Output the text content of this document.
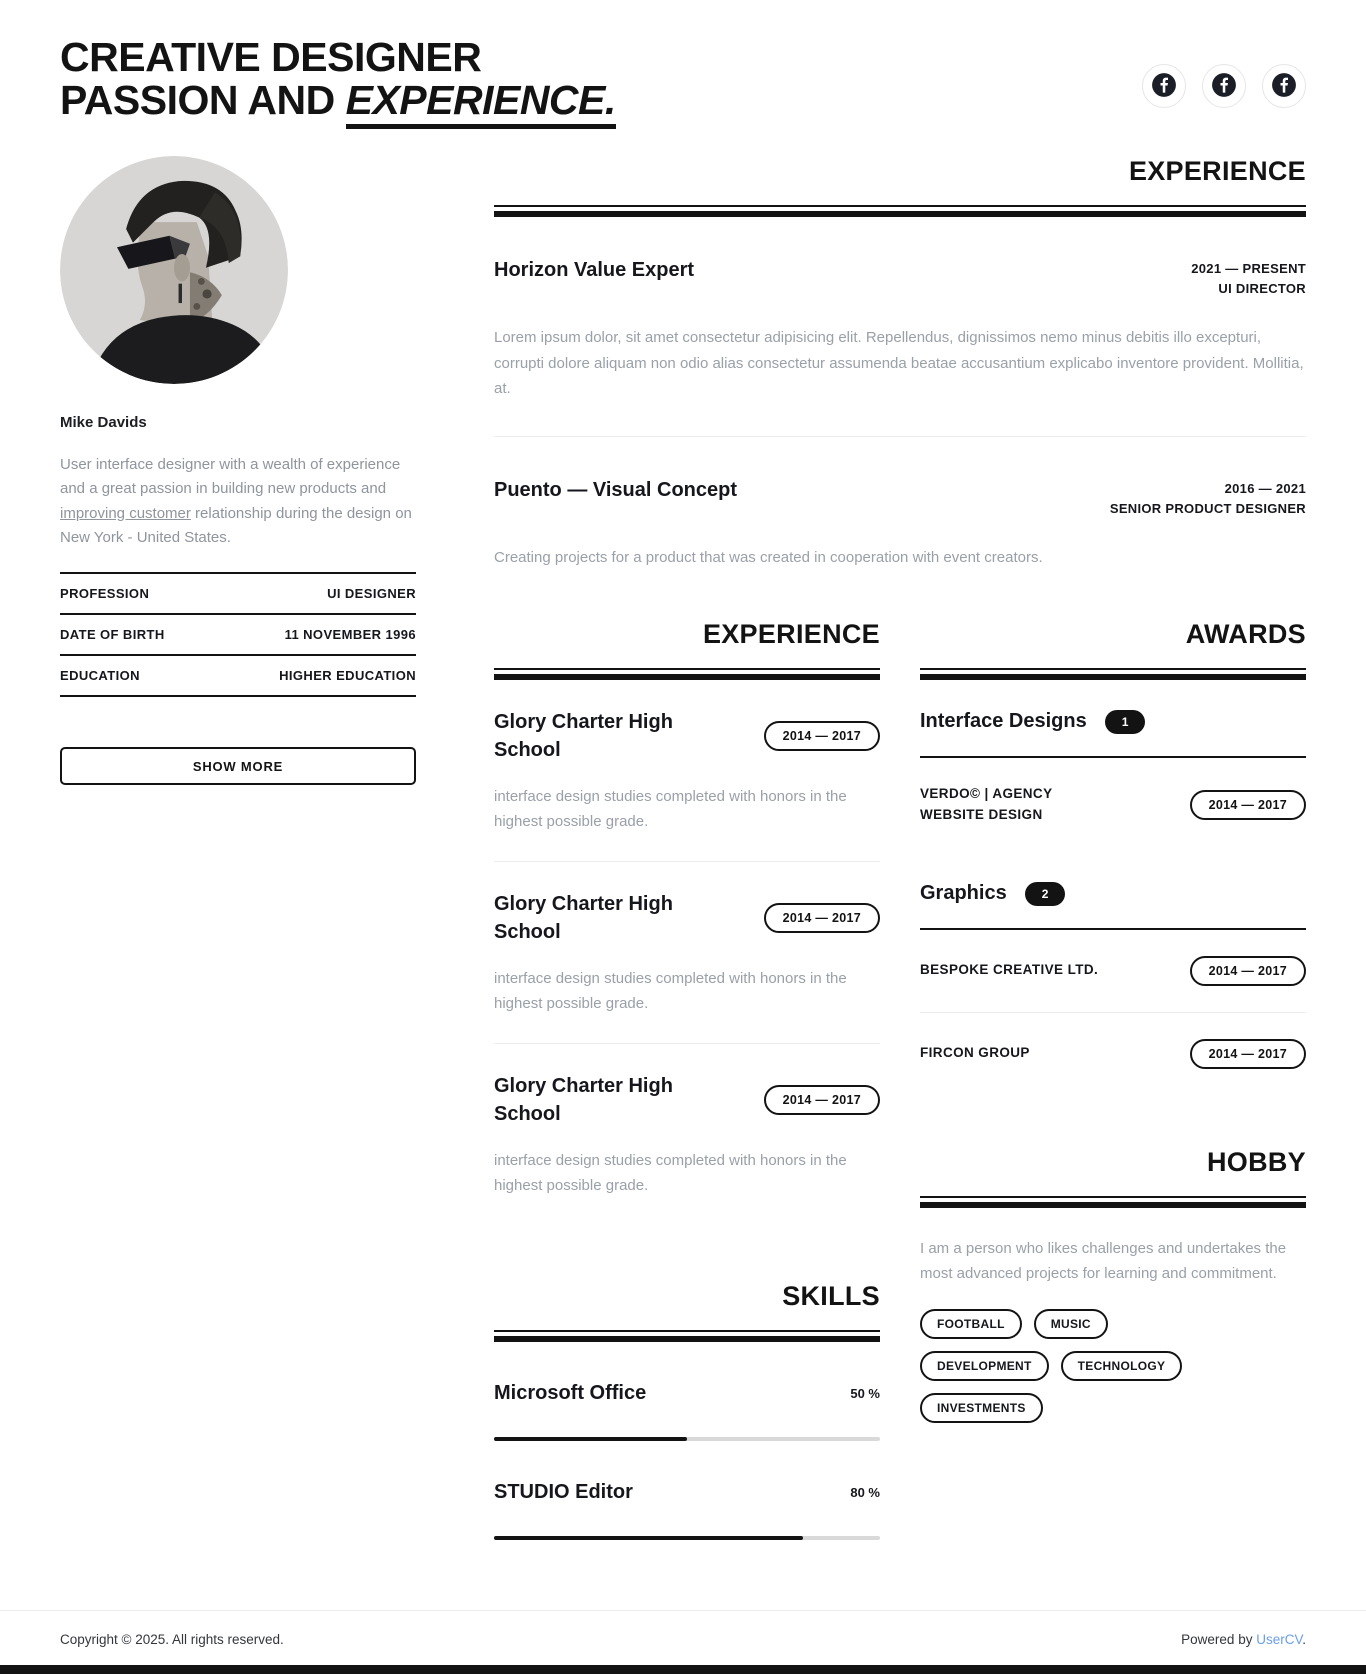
CREATIVE DESIGNER
PASSION AND EXPERIENCE.
Mike Davids

User interface designer with a wealth of experience and a great passion in building new products and improving customer relationship during the design on New York - United States.

PROFESSION	UI DESIGNER
DATE OF BIRTH	11 NOVEMBER 1996
EDUCATION	HIGHER EDUCATION
SHOW MORE
EXPERIENCE
Horizon Value Expert	2021 — PRESENT
UI DIRECTOR

Lorem ipsum dolor, sit amet consectetur adipisicing elit. Repellendus, dignissimos nemo minus debitis illo excepturi, corrupti dolore aliquam non odio alias consectetur assumenda beatae accusantium explicabo inventore provident. Mollitia, at.

Puento — Visual Concept	2016 — 2021
SENIOR PRODUCT DESIGNER

Creating projects for a product that was created in cooperation with event creators.

EXPERIENCE
Glory Charter High School
2014 — 2017

interface design studies completed with honors in the highest possible grade.

Glory Charter High School
2014 — 2017

interface design studies completed with honors in the highest possible grade.

Glory Charter High School
2014 — 2017

interface design studies completed with honors in the highest possible grade.

SKILLS
Microsoft Office	50 %
STUDIO Editor	80 %
AWARDS
Interface Designs	1
VERDO© | AGENCY WEBSITE DESIGN
2014 — 2017
Graphics	2
BESPOKE CREATIVE LTD.	2014 — 2017
FIRCON GROUP	2014 — 2017
HOBBY

I am a person who likes challenges and undertakes the most advanced projects for learning and commitment.

FOOTBALL	MUSIC
DEVELOPMENT	TECHNOLOGY
INVESTMENTS
Copyright © 2025. All rights reserved.	Powered by UserCV.
